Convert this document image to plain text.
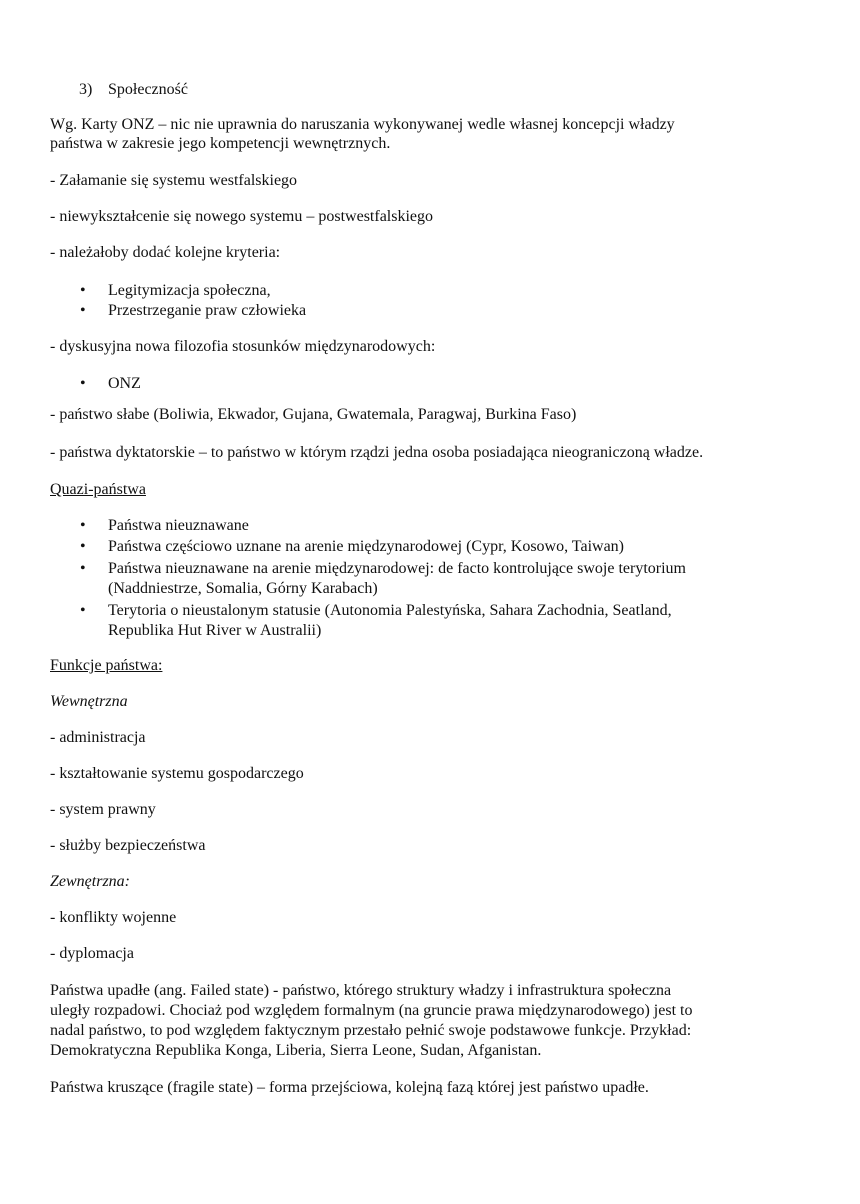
3) Społeczność
Wg. Karty ONZ – nic nie uprawnia do naruszania wykonywanej wedle własnej koncepcji władzy
państwa w zakresie jego kompetencji wewnętrznych.
- Załamanie się systemu westfalskiego
- niewykształcenie się nowego systemu – postwestfalskiego
- należałoby dodać kolejne kryteria:
• Legitymizacja społeczna,
• Przestrzeganie praw człowieka
- dyskusyjna nowa filozofia stosunków międzynarodowych:
• ONZ
- państwo słabe (Boliwia, Ekwador, Gujana, Gwatemala, Paragwaj, Burkina Faso)
- państwa dyktatorskie – to państwo w którym rządzi jedna osoba posiadająca nieograniczoną władze.
Quazi-państwa
• Państwa nieuznawane
• Państwa częściowo uznane na arenie międzynarodowej (Cypr, Kosowo, Taiwan)
• Państwa nieuznawane na arenie międzynarodowej: de facto kontrolujące swoje terytorium
(Naddniestrze, Somalia, Górny Karabach)
• Terytoria o nieustalonym statusie (Autonomia Palestyńska, Sahara Zachodnia, Seatland,
Republika Hut River w Australii)
Funkcje państwa:
Wewnętrzna
- administracja
- kształtowanie systemu gospodarczego
- system prawny
- służby bezpieczeństwa
Zewnętrzna:
- konflikty wojenne
- dyplomacja
Państwa upadłe (ang. Failed state) - państwo, którego struktury władzy i infrastruktura społeczna
uległy rozpadowi. Chociaż pod względem formalnym (na gruncie prawa międzynarodowego) jest to
nadal państwo, to pod względem faktycznym przestało pełnić swoje podstawowe funkcje. Przykład:
Demokratyczna Republika Konga, Liberia, Sierra Leone, Sudan, Afganistan.
Państwa kruszące (fragile state) – forma przejściowa, kolejną fazą której jest państwo upadłe.
